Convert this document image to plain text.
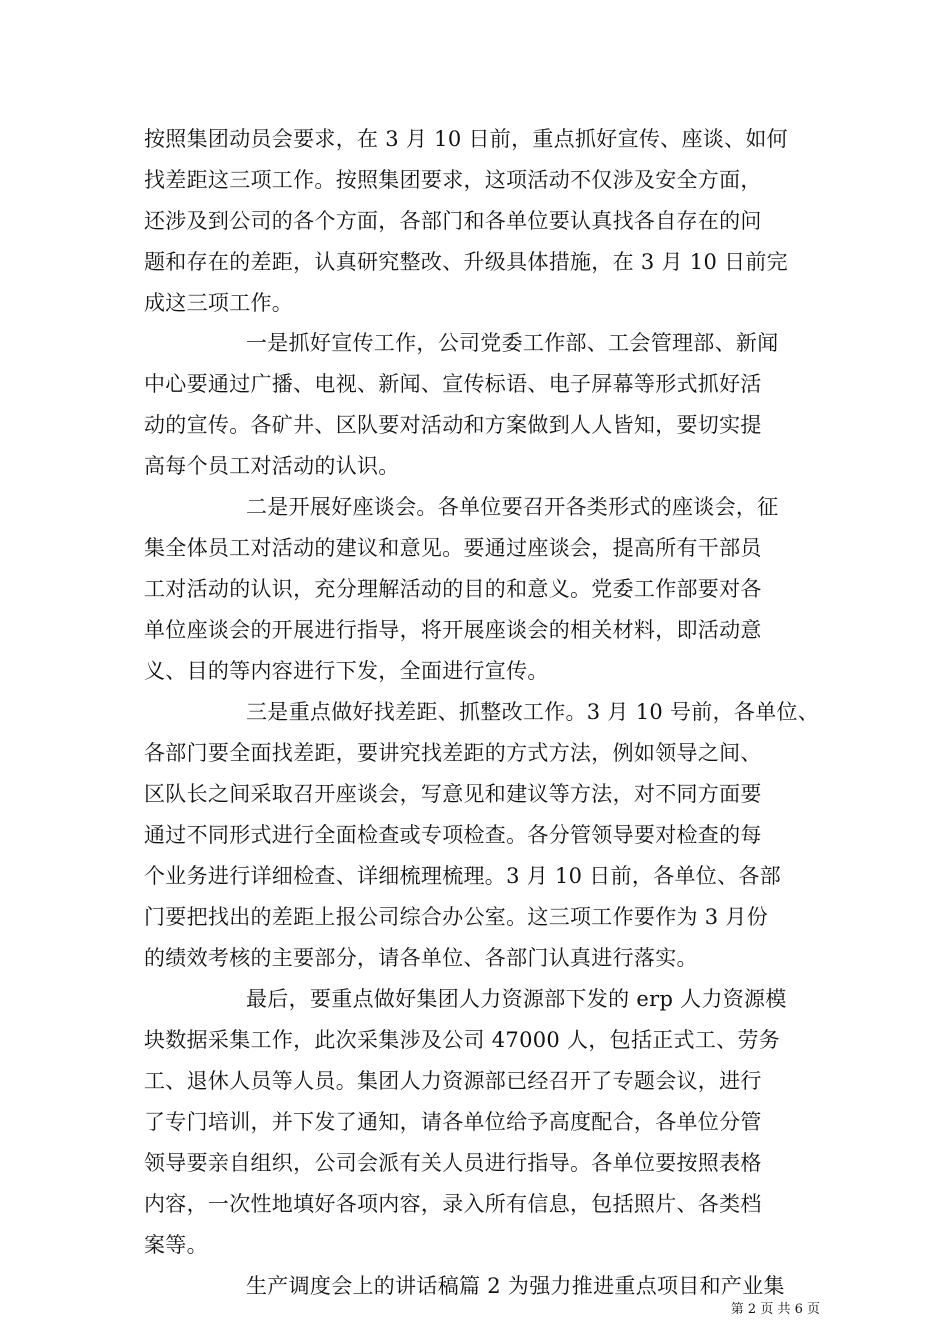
按照集团动员会要求，在 3 月 10 日前，重点抓好宣传、座谈、如何
找差距这三项工作。按照集团要求，这项活动不仅涉及安全方面，
还涉及到公司的各个方面，各部门和各单位要认真找各自存在的问
题和存在的差距，认真研究整改、升级具体措施，在 3 月 10 日前完
成这三项工作。
一是抓好宣传工作，公司党委工作部、工会管理部、新闻
中心要通过广播、电视、新闻、宣传标语、电子屏幕等形式抓好活
动的宣传。各矿井、区队要对活动和方案做到人人皆知，要切实提
高每个员工对活动的认识。
二是开展好座谈会。各单位要召开各类形式的座谈会，征
集全体员工对活动的建议和意见。要通过座谈会，提高所有干部员
工对活动的认识，充分理解活动的目的和意义。党委工作部要对各
单位座谈会的开展进行指导，将开展座谈会的相关材料，即活动意
义、目的等内容进行下发，全面进行宣传。
三是重点做好找差距、抓整改工作。3 月 10 号前，各单位、
各部门要全面找差距，要讲究找差距的方式方法，例如领导之间、
区队长之间采取召开座谈会，写意见和建议等方法，对不同方面要
通过不同形式进行全面检查或专项检查。各分管领导要对检查的每
个业务进行详细检查、详细梳理梳理。3 月 10 日前，各单位、各部
门要把找出的差距上报公司综合办公室。这三项工作要作为 3 月份
的绩效考核的主要部分，请各单位、各部门认真进行落实。
最后，要重点做好集团人力资源部下发的 erp 人力资源模
块数据采集工作，此次采集涉及公司 47000 人，包括正式工、劳务
工、退休人员等人员。集团人力资源部已经召开了专题会议，进行
了专门培训，并下发了通知，请各单位给予高度配合，各单位分管
领导要亲自组织，公司会派有关人员进行指导。各单位要按照表格
内容，一次性地填好各项内容，录入所有信息，包括照片、各类档
案等。
生产调度会上的讲话稿篇 2 为强力推进重点项目和产业集
第 2 页 共 6 页
